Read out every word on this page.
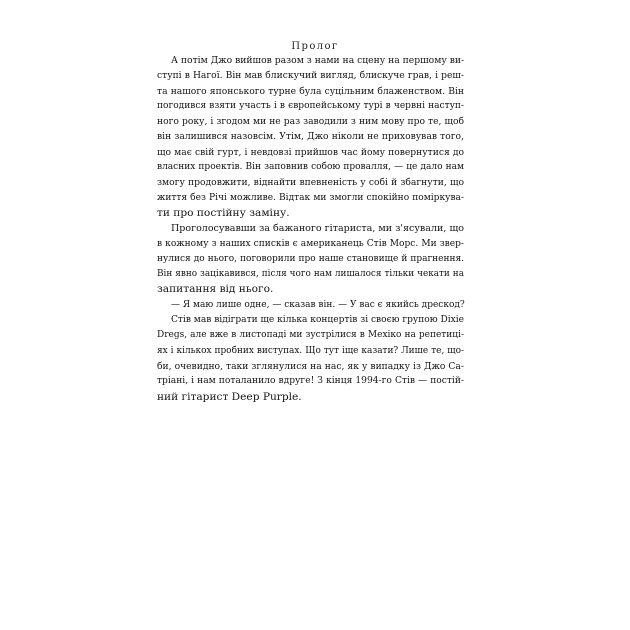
Пролог
А потім Джо вийшов разом з нами на сцену на першому ви-
ступі в Нагої. Він мав блискучий вигляд, блискуче грав, і реш-
та нашого японського турне була суцільним блаженством. Він
погодився взяти участь і в європейському турі в червні наступ-
ного року, і згодом ми не раз заводили з ним мову про те, щоб
він залишився назовсім. Утім, Джо ніколи не приховував того,
що має свій гурт, і невдовзі прийшов час йому повернутися до
власних проектів. Він заповнив собою провалля, — це дало нам
змогу продовжити, віднайти впевненість у собі й збагнути, що
життя без Річі можливе. Відтак ми змогли спокійно поміркува-
ти про постійну заміну.
Проголосувавши за бажаного гітариста, ми з'ясували, що
в кожному з наших списків є американець Стів Морс. Ми звер-
нулися до нього, поговорили про наше становище й прагнення.
Він явно зацікавився, після чого нам лишалося тільки чекати на
запитання від нього.
— Я маю лише одне, — сказав він. — У вас є якийсь дрескод?
Стів мав відіграти ще кілька концертів зі своєю групою Dixie
Dregs, але вже в листопаді ми зустрілися в Мехіко на репетиці-
ях і кількох пробних виступах. Що тут іще казати? Лише те, що-
би, очевидно, таки зглянулися на нас, як у випадку із Джо Са-
тріані, і нам поталанило вдруге! З кінця 1994-го Стів — постій-
ний гітарист Deep Purple.
